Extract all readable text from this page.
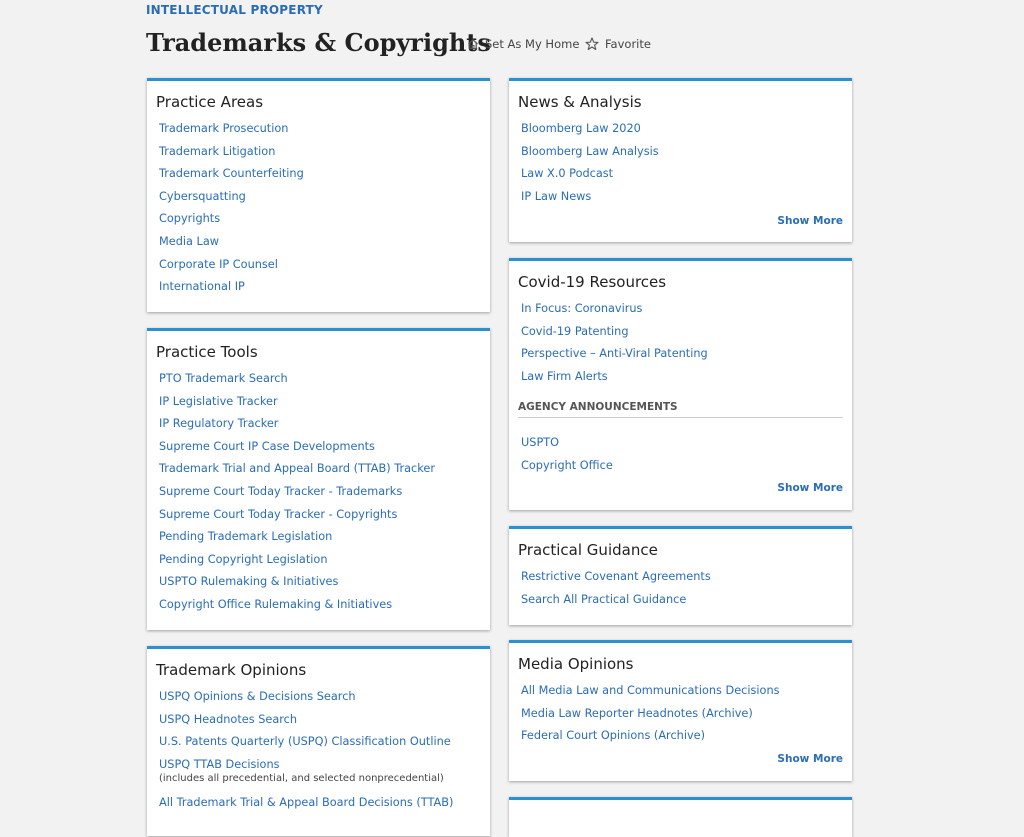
INTELLECTUAL PROPERTY
Trademarks & Copyrights
Set As My Home Favorite
Practice Areas
Trademark Prosecution
Trademark Litigation
Trademark Counterfeiting
Cybersquatting
Copyrights
Media Law
Corporate IP Counsel
International IP
Practice Tools
PTO Trademark Search
IP Legislative Tracker
IP Regulatory Tracker
Supreme Court IP Case Developments
Trademark Trial and Appeal Board (TTAB) Tracker
Supreme Court Today Tracker - Trademarks
Supreme Court Today Tracker - Copyrights
Pending Trademark Legislation
Pending Copyright Legislation
USPTO Rulemaking & Initiatives
Copyright Office Rulemaking & Initiatives
Trademark Opinions
USPQ Opinions & Decisions Search
USPQ Headnotes Search
U.S. Patents Quarterly (USPQ) Classification Outline
USPQ TTAB Decisions
(includes all precedential, and selected nonprecedential)
All Trademark Trial & Appeal Board Decisions (TTAB)
News & Analysis
Bloomberg Law 2020
Bloomberg Law Analysis
Law X.0 Podcast
IP Law News
Show More
Covid-19 Resources
In Focus: Coronavirus
Covid-19 Patenting
Perspective – Anti-Viral Patenting
Law Firm Alerts
AGENCY ANNOUNCEMENTS
USPTO
Copyright Office
Show More
Practical Guidance
Restrictive Covenant Agreements
Search All Practical Guidance
Media Opinions
All Media Law and Communications Decisions
Media Law Reporter Headnotes (Archive)
Federal Court Opinions (Archive)
Show More
